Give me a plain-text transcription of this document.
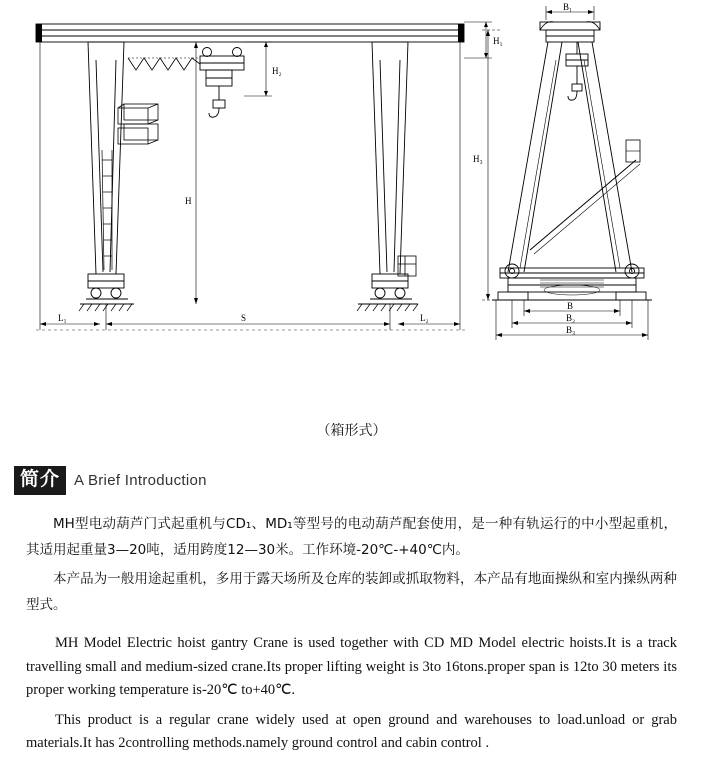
H₁
H₂
H
S
L₁	L₂
B₁
H₃
B
B₂
B₃
（箱形式）
简介 A Brief Introduction

MH型电动葫芦门式起重机与CD₁、MD₁等型号的电动葫芦配套使用，是一种有轨运行的中小型起重机，其适用起重量3—20吨，适用跨度12—30米。工作环境-20℃-+40℃内。

本产品为一般用途起重机，多用于露天场所及仓库的装卸或抓取物料，本产品有地面操纵和室内操纵两种型式。

MH Model Electric hoist gantry Crane is used together with CD MD Model electric hoists.It is a track travelling small and medium-sized crane.Its proper lifting weight is 3to 16tons.proper span is 12to 30 meters its proper working temperature is-20℃ to+40℃.

This product is a regular crane widely used at open ground and warehouses to load.unload or grab materials.It has 2controlling methods.namely ground control and cabin control .
